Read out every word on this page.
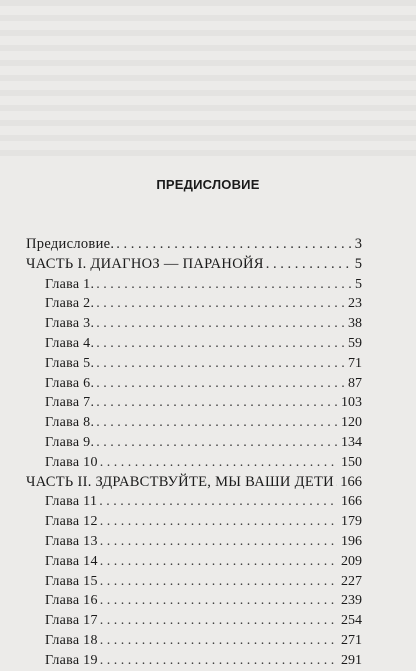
ПРЕДИСЛОВИЕ
Предисловие. . . .	3
ЧАСТЬ I. ДИАГНОЗ — ПАРАНОЙЯ . . .	5
Глава 1. . . .	5
Глава 2. . . .	23
Глава 3. . . .	38
Глава 4. . . .	59
Глава 5. . . .	71
Глава 6. . . .	87
Глава 7. . . .	103
Глава 8. . . .	120
Глава 9. . . .	134
Глава 10 . . .	150
ЧАСТЬ II. ЗДРАВСТВУЙТЕ, МЫ ВАШИ ДЕТИ . . . 166
Глава 11 . . .	166
Глава 12 . . .	179
Глава 13 . . .	196
Глава 14 . . .	209
Глава 15 . . .	227
Глава 16 . . .	239
Глава 17 . . .	254
Глава 18 . . .	271
Глава 19 . . .	291
